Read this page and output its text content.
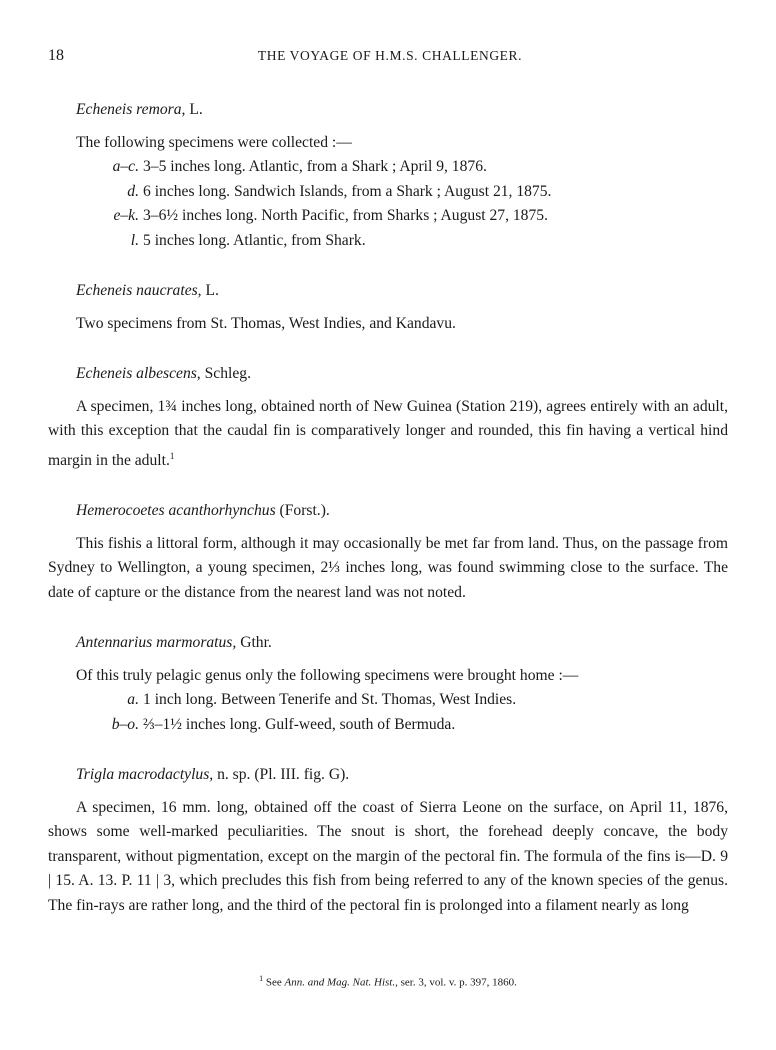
18	THE VOYAGE OF H.M.S. CHALLENGER.
Echeneis remora, L.

The following specimens were collected :—

a–c. 3–5 inches long. Atlantic, from a Shark ; April 9, 1876.
d. 6 inches long. Sandwich Islands, from a Shark ; August 21, 1875.
e–k. 3–6½ inches long. North Pacific, from Sharks ; August 27, 1875.
l. 5 inches long. Atlantic, from Shark.
Echeneis naucrates, L.

Two specimens from St. Thomas, West Indies, and Kandavu.

Echeneis albescens, Schleg.

A specimen, 1¾ inches long, obtained north of New Guinea (Station 219), agrees entirely with an adult, with this exception that the caudal fin is comparatively longer and rounded, this fin having a vertical hind margin in the adult.$^1$

Hemerocoetes acanthorhynchus (Forst.).

This fishis a littoral form, although it may occasionally be met far from land. Thus, on the passage from Sydney to Wellington, a young specimen, 2⅓ inches long, was found swimming close to the surface. The date of capture or the distance from the nearest land was not noted.

Antennarius marmoratus, Gthr.

Of this truly pelagic genus only the following specimens were brought home :—

a. 1 inch long. Between Tenerife and St. Thomas, West Indies.
b–o. ⅔–1½ inches long. Gulf-weed, south of Bermuda.
Trigla macrodactylus, n. sp. (Pl. III. fig. G).

A specimen, 16 mm. long, obtained off the coast of Sierra Leone on the surface, on April 11, 1876, shows some well-marked peculiarities. The snout is short, the forehead deeply concave, the body transparent, without pigmentation, except on the margin of the pectoral fin. The formula of the fins is—D. 9 | 15. A. 13. P. 11 | 3, which precludes this fish from being referred to any of the known species of the genus. The fin-rays are rather long, and the third of the pectoral fin is prolonged into a filament nearly as long

$^1$ See Ann. and Mag. Nat. Hist., ser. 3, vol. v. p. 397, 1860.
